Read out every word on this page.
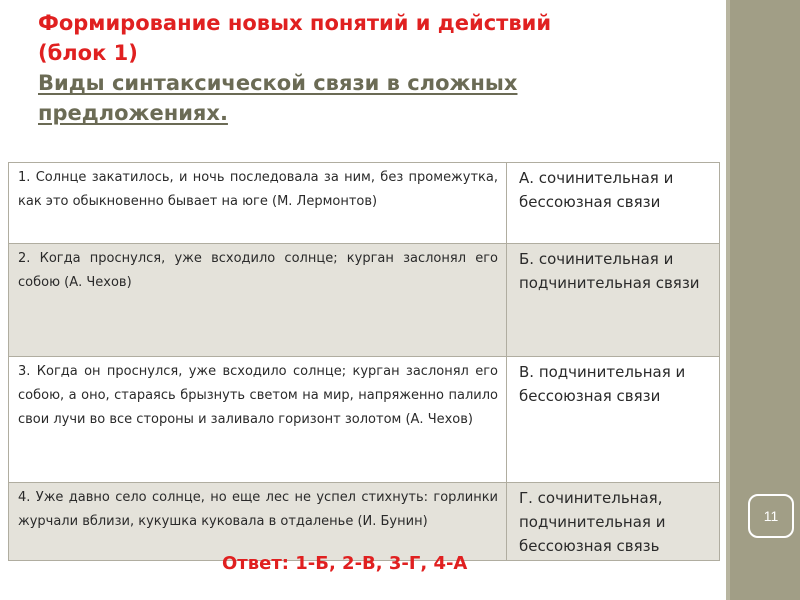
11
Формирование новых понятий и действий
(блок 1)
Виды синтаксической связи в сложных
предложениях.
1. Солнце закатилось, и ночь последовала за ним, без промежутка, как это обыкновенно бывает на юге (М. Лермонтов)	А. сочинительная и бессоюзная связи
2. Когда проснулся, уже всходило солнце; курган заслонял его собою (А. Чехов)	Б. сочинительная и подчинительная связи
3. Когда он проснулся, уже всходило солнце; курган заслонял его собою, а оно, стараясь брызнуть светом на мир, напряженно палило свои лучи во все стороны и заливало горизонт золотом (А. Чехов)	В. подчинительная и бессоюзная связи
4. Уже давно село солнце, но еще лес не успел стихнуть: горлинки журчали вблизи, кукушка куковала в отдаленье (И. Бунин)	Г. сочинительная, подчинительная и бессоюзная связь
Ответ: 1-Б, 2-В, 3-Г, 4-А
